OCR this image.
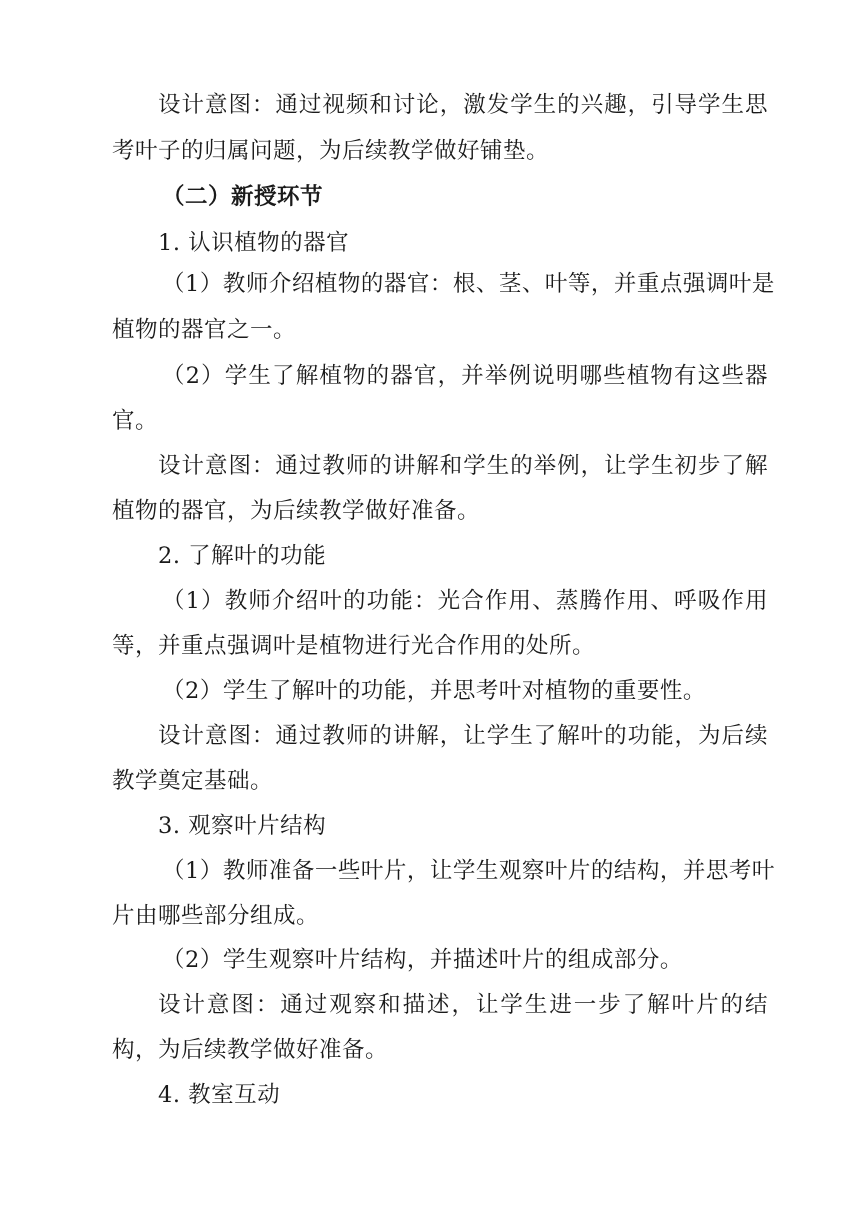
设计意图：通过视频和讨论，激发学生的兴趣，引导学生思
考叶子的归属问题，为后续教学做好铺垫。
（二）新授环节
1. 认识植物的器官
（1）教师介绍植物的器官：根、茎、叶等，并重点强调叶是
植物的器官之一。
（2）学生了解植物的器官，并举例说明哪些植物有这些器
官。
设计意图：通过教师的讲解和学生的举例，让学生初步了解
植物的器官，为后续教学做好准备。
2. 了解叶的功能
（1）教师介绍叶的功能：光合作用、蒸腾作用、呼吸作用
等，并重点强调叶是植物进行光合作用的处所。
（2）学生了解叶的功能，并思考叶对植物的重要性。
设计意图：通过教师的讲解，让学生了解叶的功能，为后续
教学奠定基础。
3. 观察叶片结构
（1）教师准备一些叶片，让学生观察叶片的结构，并思考叶
片由哪些部分组成。
（2）学生观察叶片结构，并描述叶片的组成部分。
设计意图：通过观察和描述，让学生进一步了解叶片的结
构，为后续教学做好准备。
4. 教室互动
